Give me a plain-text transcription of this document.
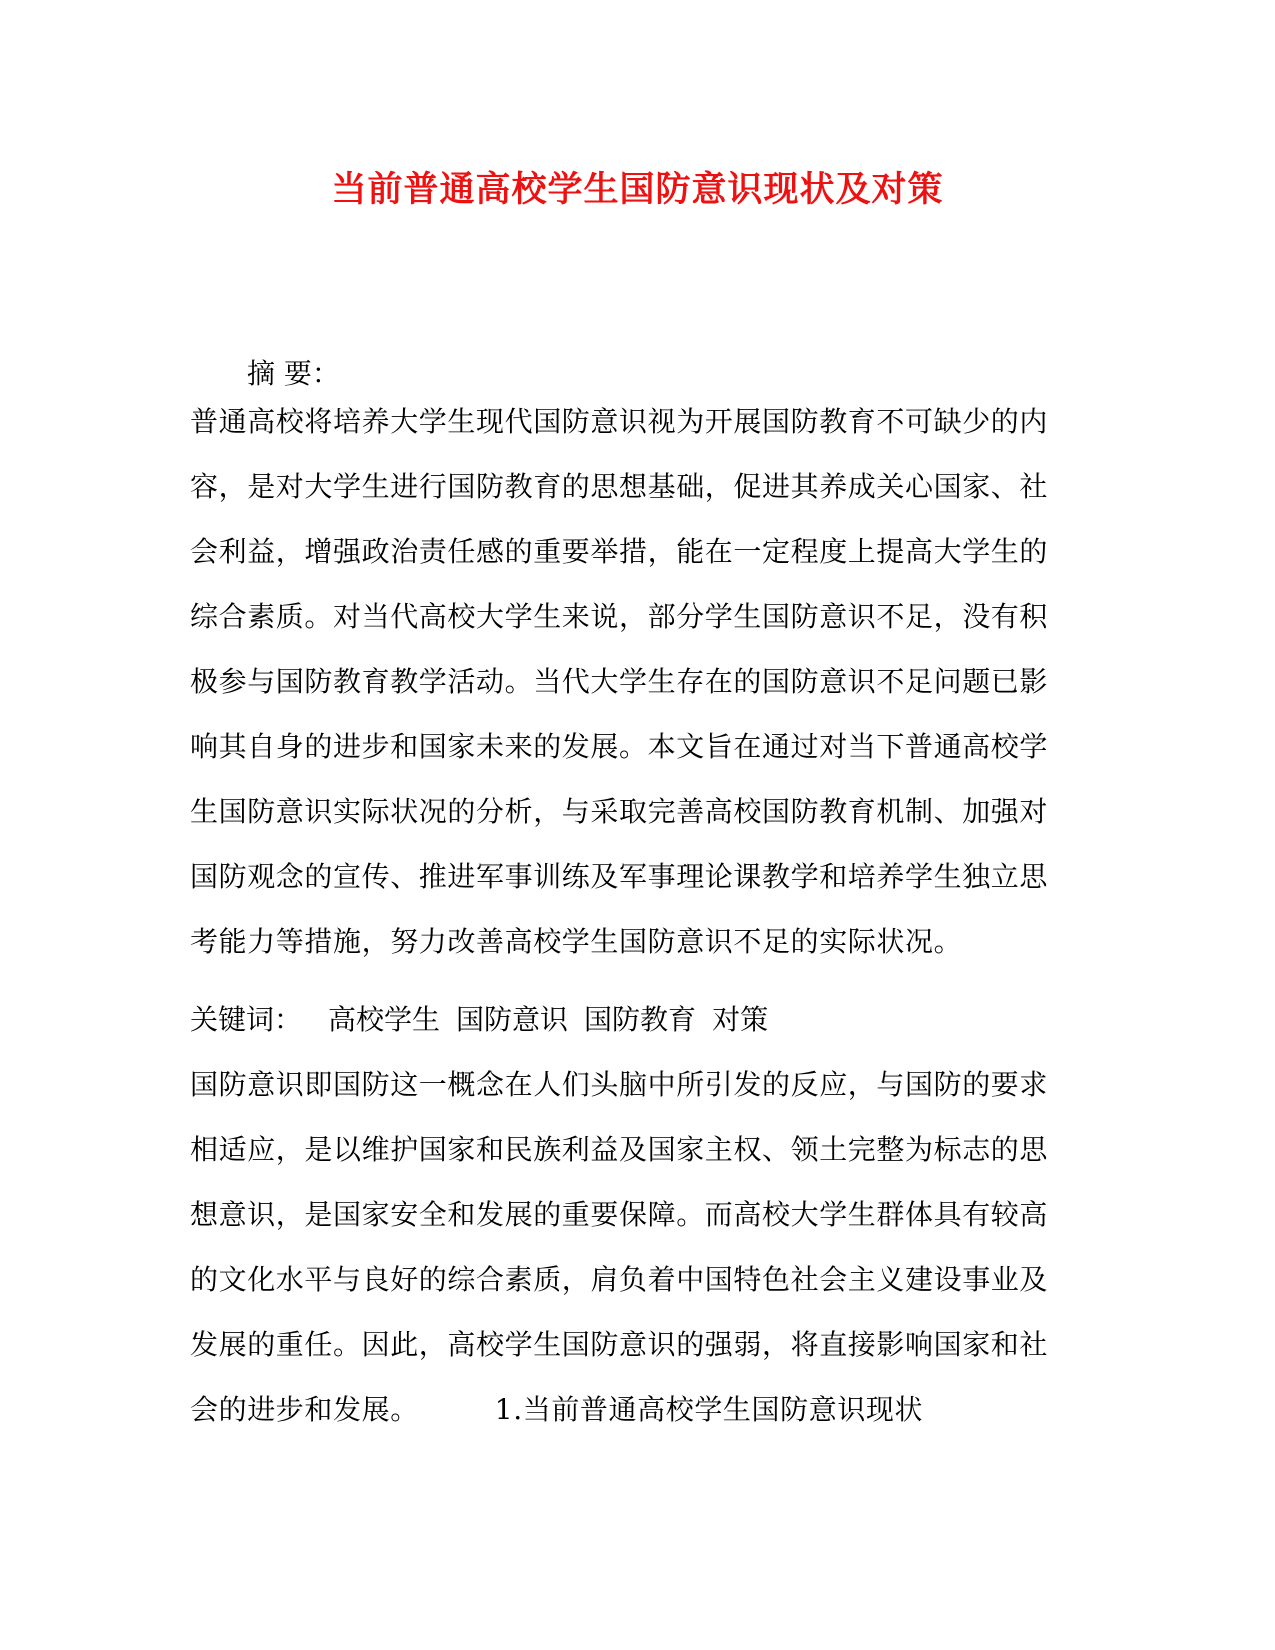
当前普通高校学生国防意识现状及对策
摘 要：
普通高校将培养大学生现代国防意识视为开展国防教育不可缺少的内
容，是对大学生进行国防教育的思想基础，促进其养成关心国家、社
会利益，增强政治责任感的重要举措，能在一定程度上提高大学生的
综合素质。对当代高校大学生来说，部分学生国防意识不足，没有积
极参与国防教育教学活动。当代大学生存在的国防意识不足问题已影
响其自身的进步和国家未来的发展。本文旨在通过对当下普通高校学
生国防意识实际状况的分析，与采取完善高校国防教育机制、加强对
国防观念的宣传、推进军事训练及军事理论课教学和培养学生独立思
考能力等措施，努力改善高校学生国防意识不足的实际状况。
关键词： 高校学生 国防意识 国防教育 对策
国防意识即国防这一概念在人们头脑中所引发的反应，与国防的要求
相适应，是以维护国家和民族利益及国家主权、领土完整为标志的思
想意识，是国家安全和发展的重要保障。而高校大学生群体具有较高
的文化水平与良好的综合素质，肩负着中国特色社会主义建设事业及
发展的重任。因此，高校学生国防意识的强弱，将直接影响国家和社
会的进步和发展。        1.当前普通高校学生国防意识现状
